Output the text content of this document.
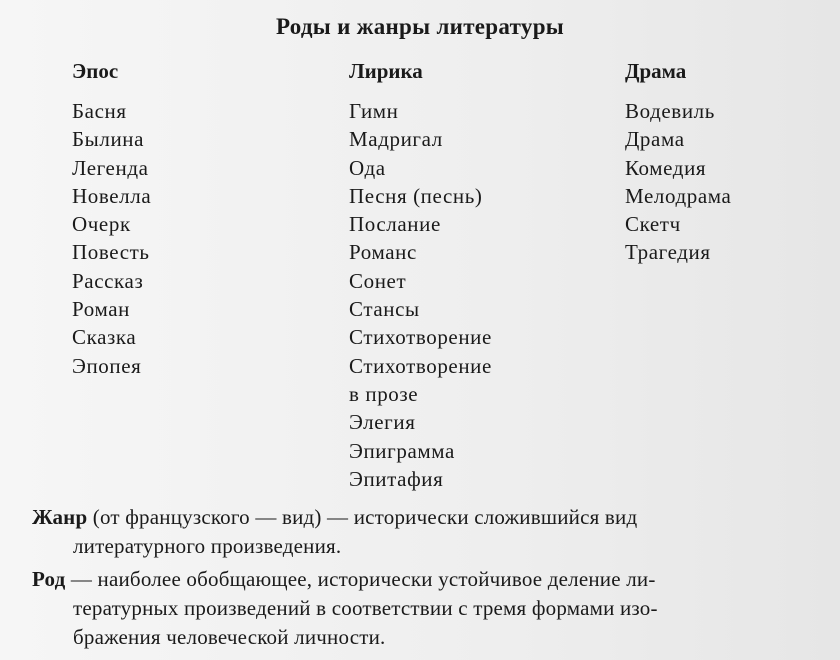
Роды и жанры литературы
Эпос
Басня
Былина
Легенда
Новелла
Очерк
Повесть
Рассказ
Роман
Сказка
Эпопея
Лирика
Гимн
Мадригал
Ода
Песня (песнь)
Послание
Романс
Сонет
Стансы
Стихотворение
Стихотворение
в прозе
Элегия
Эпиграмма
Эпитафия
Драма
Водевиль
Драма
Комедия
Мелодрама
Скетч
Трагедия
Жанр (от французского — вид) — исторически сложившийся вид
литературного произведения.
Род — наиболее обобщающее, исторически устойчивое деление ли-
тературных произведений в соответствии с тремя формами изо-
бражения человеческой личности.
